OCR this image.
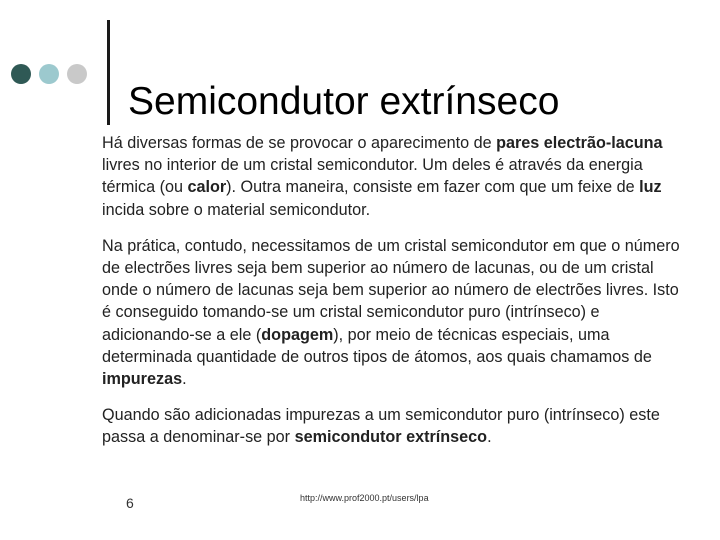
Semicondutor extrínseco

Há diversas formas de se provocar o aparecimento de pares electrão-lacuna livres no interior de um cristal semicondutor. Um deles é através da energia térmica (ou calor). Outra maneira, consiste em fazer com que um feixe de luz incida sobre o material semicondutor.

Na prática, contudo, necessitamos de um cristal semicondutor em que o número de electrões livres seja bem superior ao número de lacunas, ou de um cristal onde o número de lacunas seja bem superior ao número de electrões livres. Isto é conseguido tomando-se um cristal semicondutor puro (intrínseco) e adicionando-se a ele (dopagem), por meio de técnicas especiais, uma determinada quantidade de outros tipos de átomos, aos quais chamamos de impurezas.

Quando são adicionadas impurezas a um semicondutor puro (intrínseco) este passa a denominar-se por semicondutor extrínseco.

6	http://www.prof2000.pt/users/lpa
